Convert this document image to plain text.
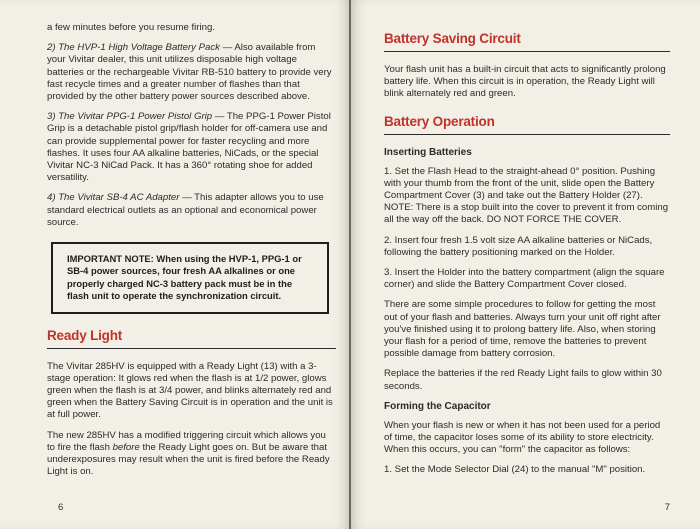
a few minutes before you resume firing.

2) The HVP-1 High Voltage Battery Pack — Also available from your Vivitar dealer, this unit utilizes disposable high voltage batteries or the rechargeable Vivitar RB-510 battery to provide very fast recycle times and a greater number of flashes than that provided by the other battery power sources described above.

3) The Vivitar PPG-1 Power Pistol Grip — The PPG-1 Power Pistol Grip is a detachable pistol grip/flash holder for off-camera use and can provide supplemental power for faster recycling and more flashes. It uses four AA alkaline batteries, NiCads, or the special Vivitar NC-3 NiCad Pack. It has a 360° rotating shoe for added versatility.

4) The Vivitar SB-4 AC Adapter — This adapter allows you to use standard electrical outlets as an optional and economical power source.

IMPORTANT NOTE: When using the HVP-1, PPG-1 or SB-4 power sources, four fresh AA alkalines or one properly charged NC-3 battery pack must be in the flash unit to operate the synchronization circuit.
Ready Light

The Vivitar 285HV is equipped with a Ready Light (13) with a 3-stage operation: It glows red when the flash is at 1/2 power, glows green when the flash is at 3/4 power, and blinks alternately red and green when the Battery Saving Circuit is in operation and the unit is at full power.

The new 285HV has a modified triggering circuit which allows you to fire the flash before the Ready Light goes on. But be aware that underexposures may result when the unit is fired before the Ready Light is on.

6
Battery Saving Circuit

Your flash unit has a built-in circuit that acts to significantly prolong battery life. When this circuit is in operation, the Ready Light will blink alternately red and green.

Battery Operation
Inserting Batteries

1. Set the Flash Head to the straight-ahead 0° position. Pushing with your thumb from the front of the unit, slide open the Battery Compartment Cover (3) and take out the Battery Holder (27). NOTE: There is a stop built into the cover to prevent it from coming all the way off the back. DO NOT FORCE THE COVER.

2. Insert four fresh 1.5 volt size AA alkaline batteries or NiCads, following the battery positioning marked on the Holder.

3. Insert the Holder into the battery compartment (align the square corner) and slide the Battery Compartment Cover closed.

There are some simple procedures to follow for getting the most out of your flash and batteries. Always turn your unit off right after you've finished using it to prolong battery life. Also, when storing your flash for a period of time, remove the batteries to prevent possible damage from battery corrosion.

Replace the batteries if the red Ready Light fails to glow within 30 seconds.

Forming the Capacitor

When your flash is new or when it has not been used for a period of time, the capacitor loses some of its ability to store electricity. When this occurs, you can "form" the capacitor as follows:

1. Set the Mode Selector Dial (24) to the manual "M" position.

7
